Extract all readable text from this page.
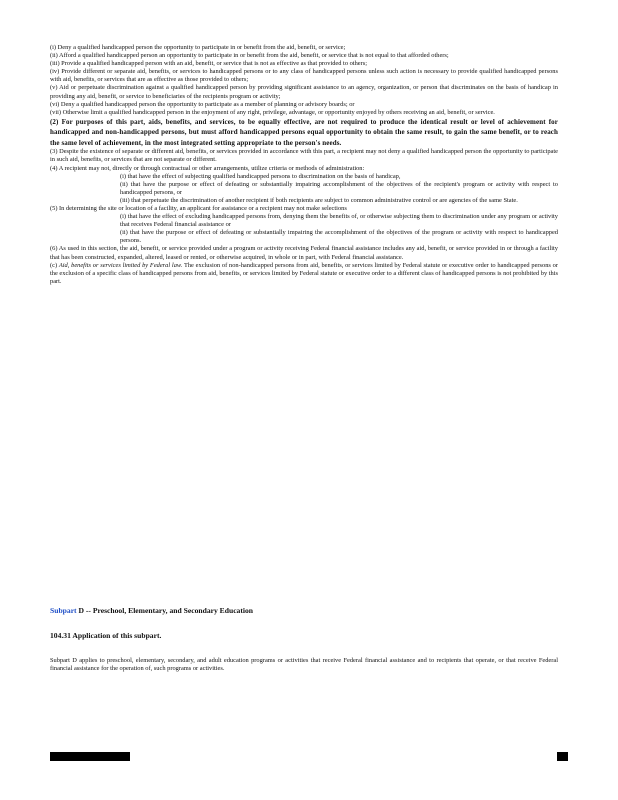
(i) Deny a qualified handicapped person the opportunity to participate in or benefit from the aid, benefit, or service;

(ii) Afford a qualified handicapped person an opportunity to participate in or benefit from the aid, benefit, or service that is not equal to that afforded others;

(iii) Provide a qualified handicapped person with an aid, benefit, or service that is not as effective as that provided to others;

(iv) Provide different or separate aid, benefits, or services to handicapped persons or to any class of handicapped persons unless such action is necessary to provide qualified handicapped persons with aid, benefits, or services that are as effective as those provided to others;

(v) Aid or perpetuate discrimination against a qualified handicapped person by providing significant assistance to an agency, organization, or person that discriminates on the basis of handicap in providing any aid, benefit, or service to beneficiaries of the recipients program or activity;

(vi) Deny a qualified handicapped person the opportunity to participate as a member of planning or advisory boards; or

(vii) Otherwise limit a qualified handicapped person in the enjoyment of any right, privilege, advantage, or opportunity enjoyed by others receiving an aid, benefit, or service.

(2) For purposes of this part, aids, benefits, and services, to be equally effective, are not required to produce the identical result or level of achievement for handicapped and non-handicapped persons, but must afford handicapped persons equal opportunity to obtain the same result, to gain the same benefit, or to reach the same level of achievement, in the most integrated setting appropriate to the person's needs.

(3) Despite the existence of separate or different aid, benefits, or services provided in accordance with this part, a recipient may not deny a qualified handicapped person the opportunity to participate in such aid, benefits, or services that are not separate or different.

(4) A recipient may not, directly or through contractual or other arrangements, utilize criteria or methods of administration:

(i) that have the effect of subjecting qualified handicapped persons to discrimination on the basis of handicap,

(ii) that have the purpose or effect of defeating or substantially impairing accomplishment of the objectives of the recipient's program or activity with respect to handicapped persons, or

(iii) that perpetuate the discrimination of another recipient if both recipients are subject to common administrative control or are agencies of the same State.

(5) In determining the site or location of a facility, an applicant for assistance or a recipient may not make selections

(i) that have the effect of excluding handicapped persons from, denying them the benefits of, or otherwise subjecting them to discrimination under any program or activity that receives Federal financial assistance or

(ii) that have the purpose or effect of defeating or substantially impairing the accomplishment of the objectives of the program or activity with respect to handicapped persons.

(6) As used in this section, the aid, benefit, or service provided under a program or activity receiving Federal financial assistance includes any aid, benefit, or service provided in or through a facility that has been constructed, expanded, altered, leased or rented, or otherwise acquired, in whole or in part, with Federal financial assistance.

(c) Aid, benefits or services limited by Federal law. The exclusion of non-handicapped persons from aid, benefits, or services limited by Federal statute or executive order to handicapped persons or the exclusion of a specific class of handicapped persons from aid, benefits, or services limited by Federal statute or executive order to a different class of handicapped persons is not prohibited by this part.

Subpart D -- Preschool, Elementary, and Secondary Education
104.31 Application of this subpart.
Subpart D applies to preschool, elementary, secondary, and adult education programs or activities that receive Federal financial assistance and to recipients that operate, or that receive Federal financial assistance for the operation of, such programs or activities.
